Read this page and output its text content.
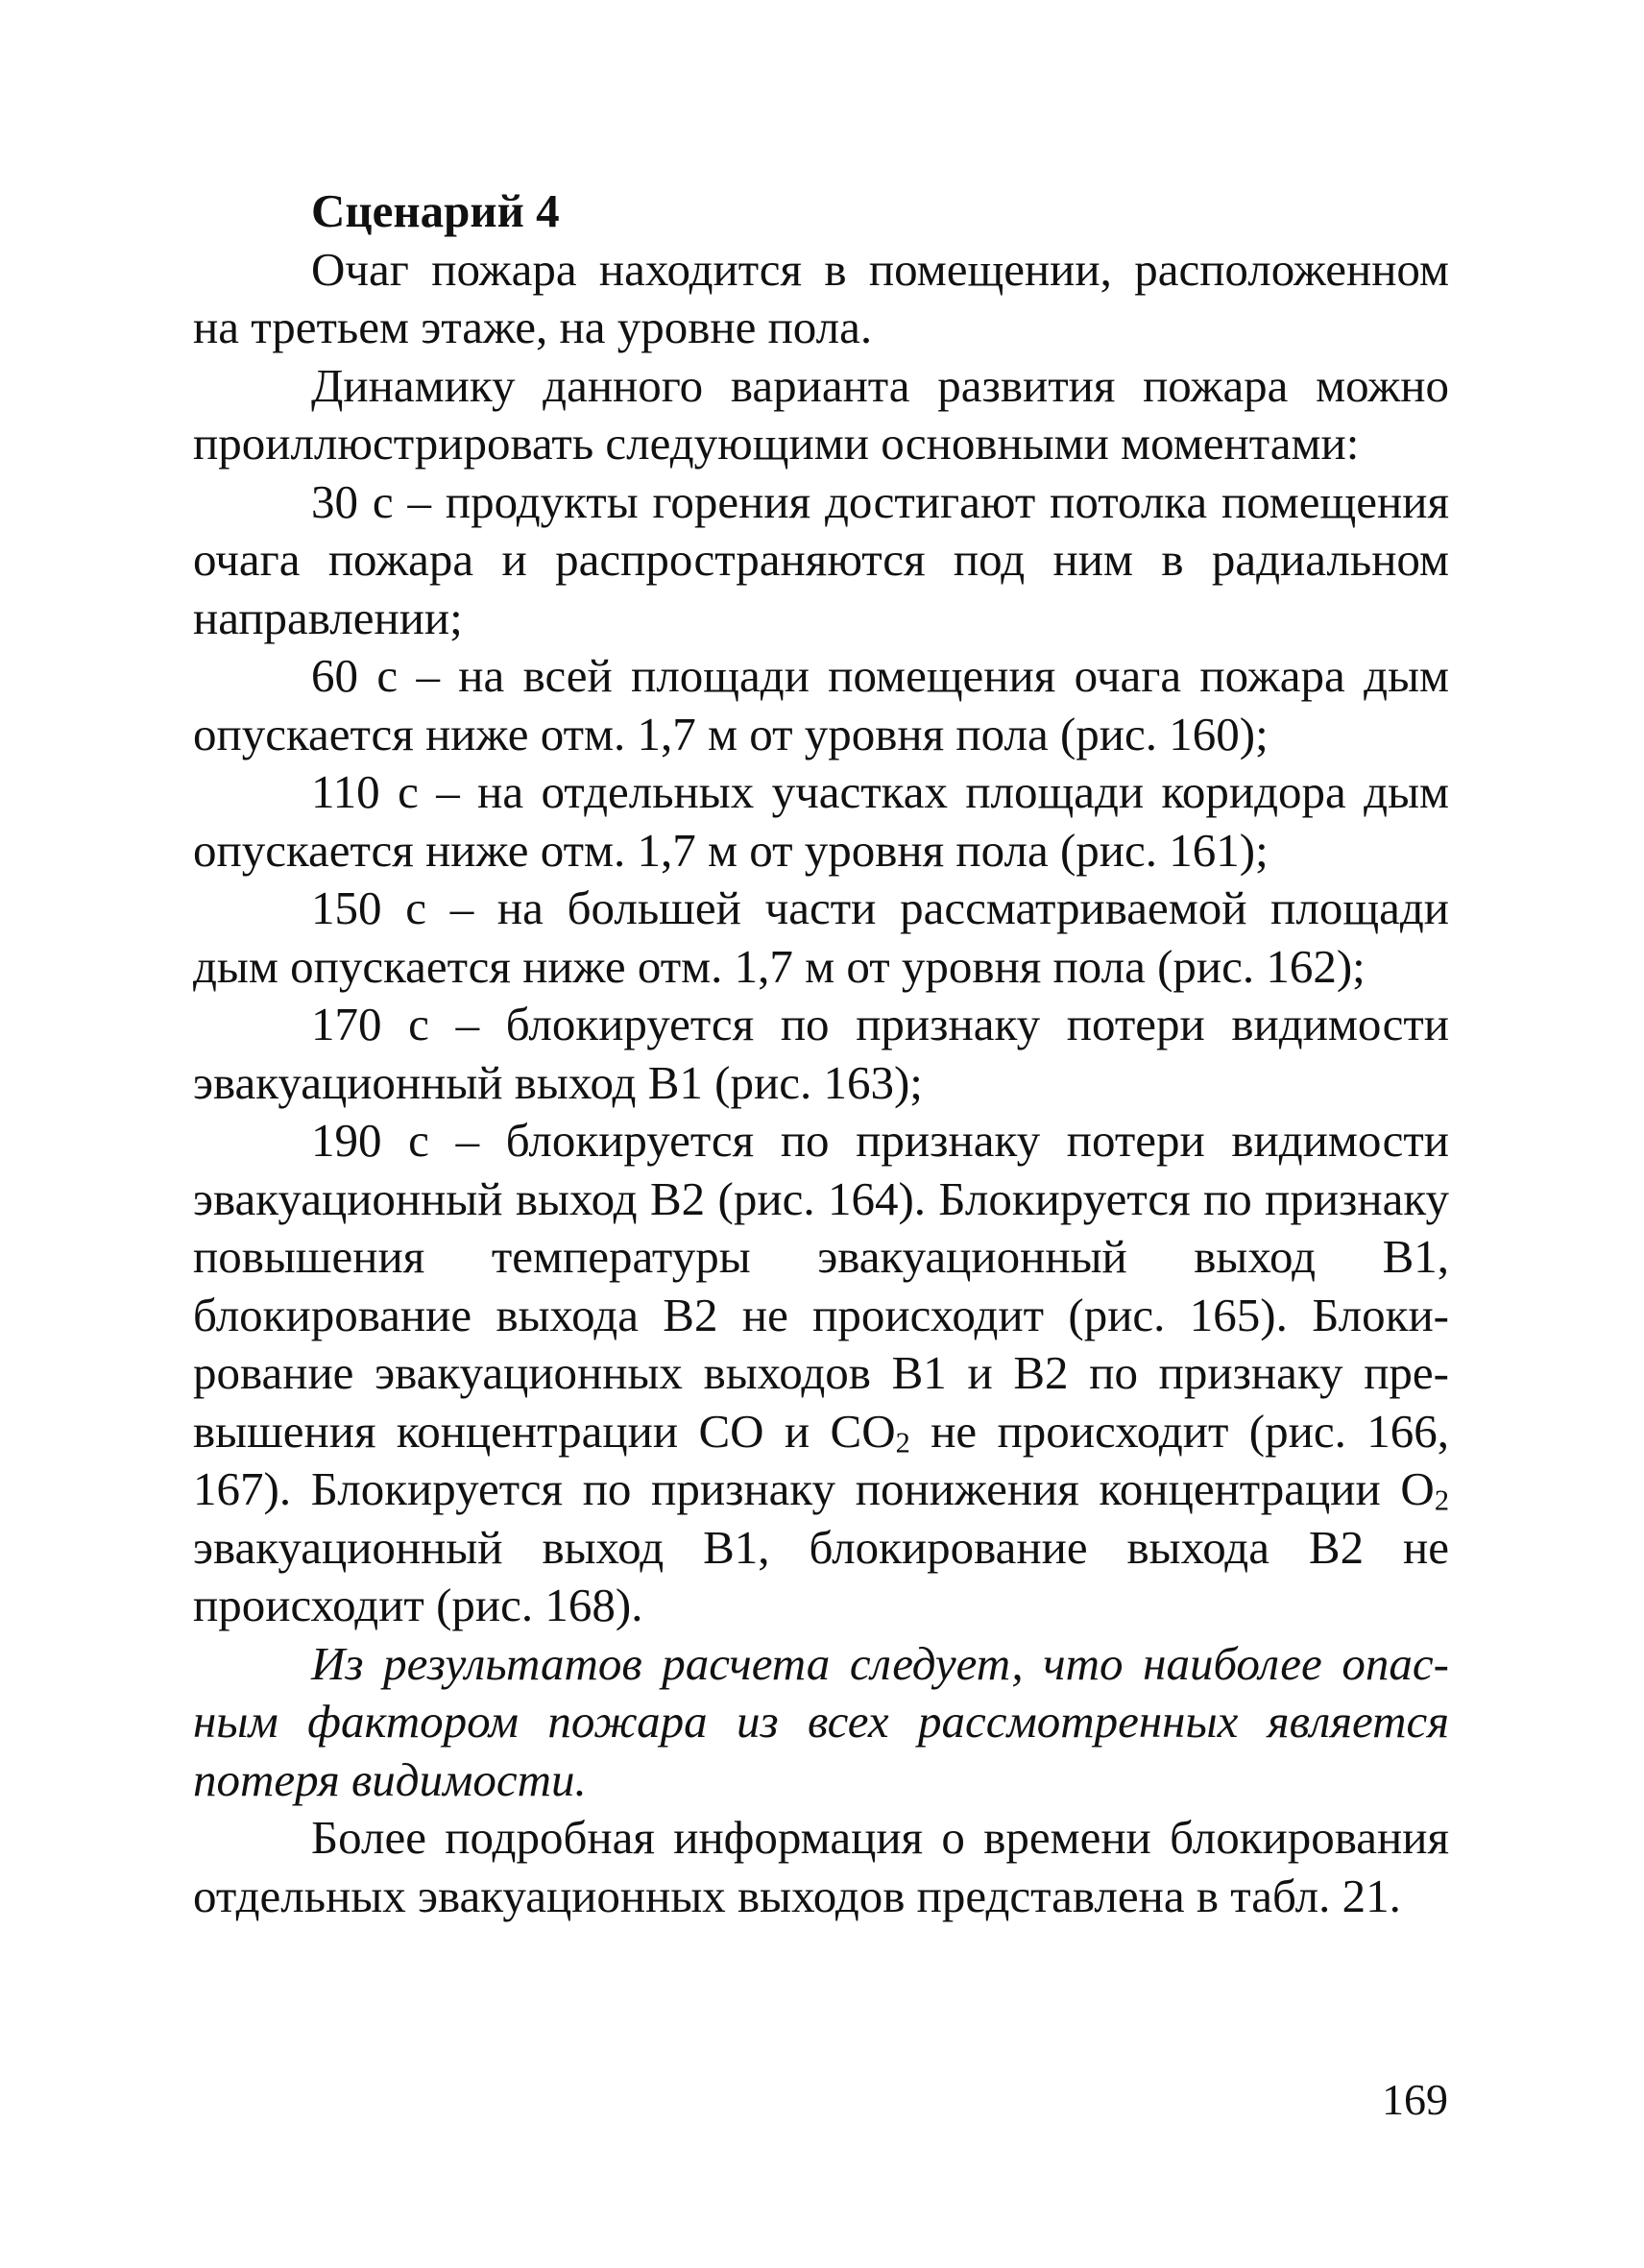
Сценарий 4

Очаг пожара находится в помещении, расположенном на третьем этаже, на уровне пола.

Динамику данного варианта развития пожара можно проиллюстрировать следующими основными моментами:

30 с – продукты горения достигают потолка помещения очага пожара и распространяются под ним в радиальном направлении;

60 с – на всей площади помещения очага пожара дым опускается ниже отм. 1,7 м от уровня пола (рис. 160);

110 с – на отдельных участках площади коридора дым опускается ниже отм. 1,7 м от уровня пола (рис. 161);

150 с – на большей части рассматриваемой площади дым опускается ниже отм. 1,7 м от уровня пола (рис. 162);

170 с – блокируется по признаку потери видимости эвакуационный выход В1 (рис. 163);

190 с – блокируется по признаку потери видимости эвакуационный выход В2 (рис. 164). Блокируется по признаку повышения температуры эвакуационный выход В1, блокирование выхода В2 не происходит (рис. 165). Блокирование эвакуационных выходов В1 и В2 по признаку превышения концентрации СО и $СО_2$ не происходит (рис. 166, 167). Блокируется по признаку понижения концентрации $О_2$ эвакуационный выход В1, блокирование выхода В2 не происходит (рис. 168).

Из результатов расчета следует, что наиболее опасным фактором пожара из всех рассмотренных является потеря видимости.

Более подробная информация о времени блокирования отдельных эвакуационных выходов представлена в табл. 21.

169
